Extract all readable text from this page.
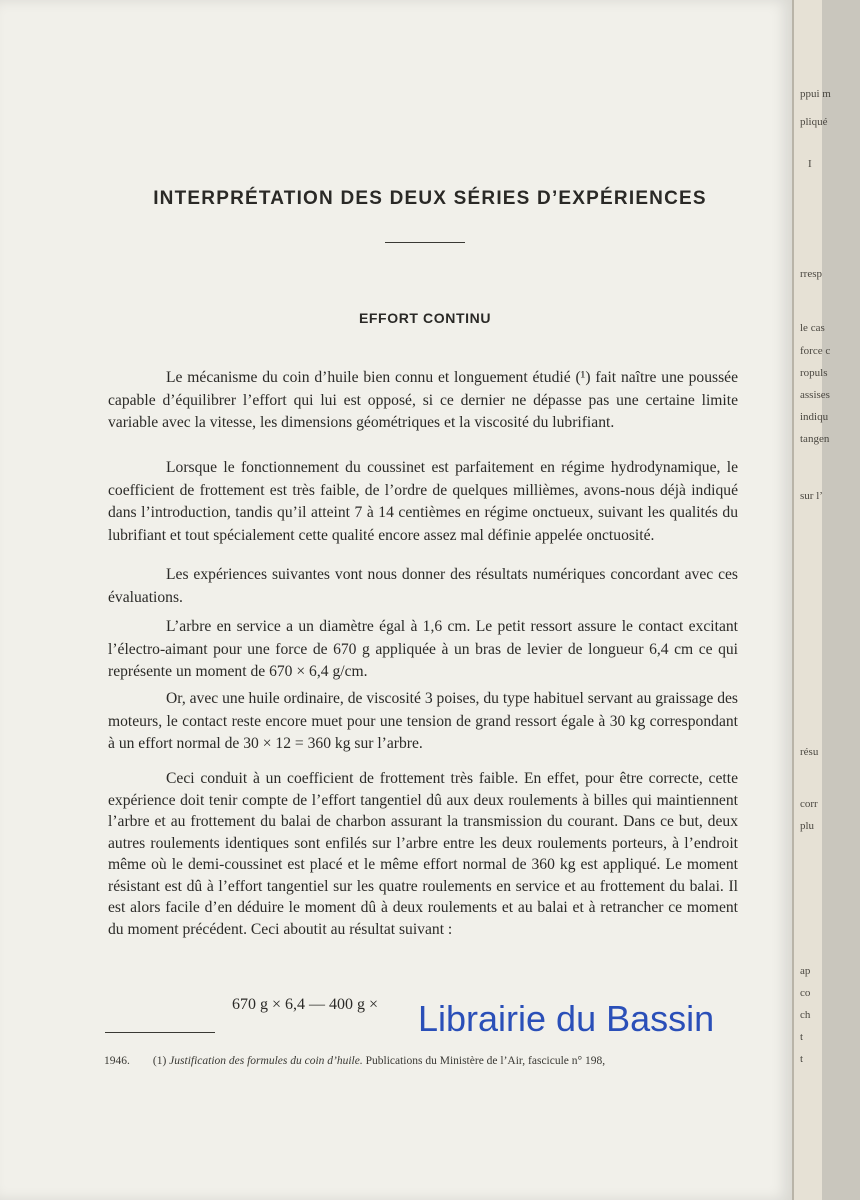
INTERPRÉTATION DES DEUX SÉRIES D’EXPÉRIENCES
EFFORT CONTINU

Le mécanisme du coin d’huile bien connu et longuement étudié (¹) fait naître une poussée capable d’équilibrer l’effort qui lui est opposé, si ce dernier ne dépasse pas une certaine limite variable avec la vitesse, les dimensions géométriques et la viscosité du lubrifiant.

Lorsque le fonctionnement du coussinet est parfaitement en régime hydrodynamique, le coefficient de frottement est très faible, de l’ordre de quelques millièmes, avons-nous déjà indiqué dans l’introduction, tandis qu’il atteint 7 à 14 centièmes en régime onctueux, suivant les qualités du lubrifiant et tout spécialement cette qualité encore assez mal définie appelée onctuosité.

Les expériences suivantes vont nous donner des résultats numériques concordant avec ces évaluations.

L’arbre en service a un diamètre égal à 1,6 cm. Le petit ressort assure le contact excitant l’électro-aimant pour une force de 670 g appliquée à un bras de levier de longueur 6,4 cm ce qui représente un moment de 670 × 6,4 g/cm.

Or, avec une huile ordinaire, de viscosité 3 poises, du type habituel servant au graissage des moteurs, le contact reste encore muet pour une tension de grand ressort égale à 30 kg correspondant à un effort normal de 30 × 12 = 360 kg sur l’arbre.

Ceci conduit à un coefficient de frottement très faible. En effet, pour être correcte, cette expérience doit tenir compte de l’effort tangentiel dû aux deux roulements à billes qui maintiennent l’arbre et au frottement du balai de charbon assurant la transmission du courant. Dans ce but, deux autres roulements identiques sont enfilés sur l’arbre entre les deux roulements porteurs, à l’endroit même où le demi-coussinet est placé et le même effort normal de 360 kg est appliqué. Le moment résistant est dû à l’effort tangentiel sur les quatre roulements en service et au frottement du balai. Il est alors facile d’en déduire le moment dû à deux roulements et au balai et à retrancher ce moment du moment précédent. Ceci aboutit au résultat suivant :

670 g × 6,4 — 400 g ×

1946. (1) Justification des formules du coin d’huile. Publications du Ministère de l’Air, fascicule n° 198,

Librairie du Bassin
ppui m
pliqué
I
rresp
le cas
force c
ropuls
assises
indiqu
tangen
sur l’
résu
corr
plu
ap
co
ch
t
t
